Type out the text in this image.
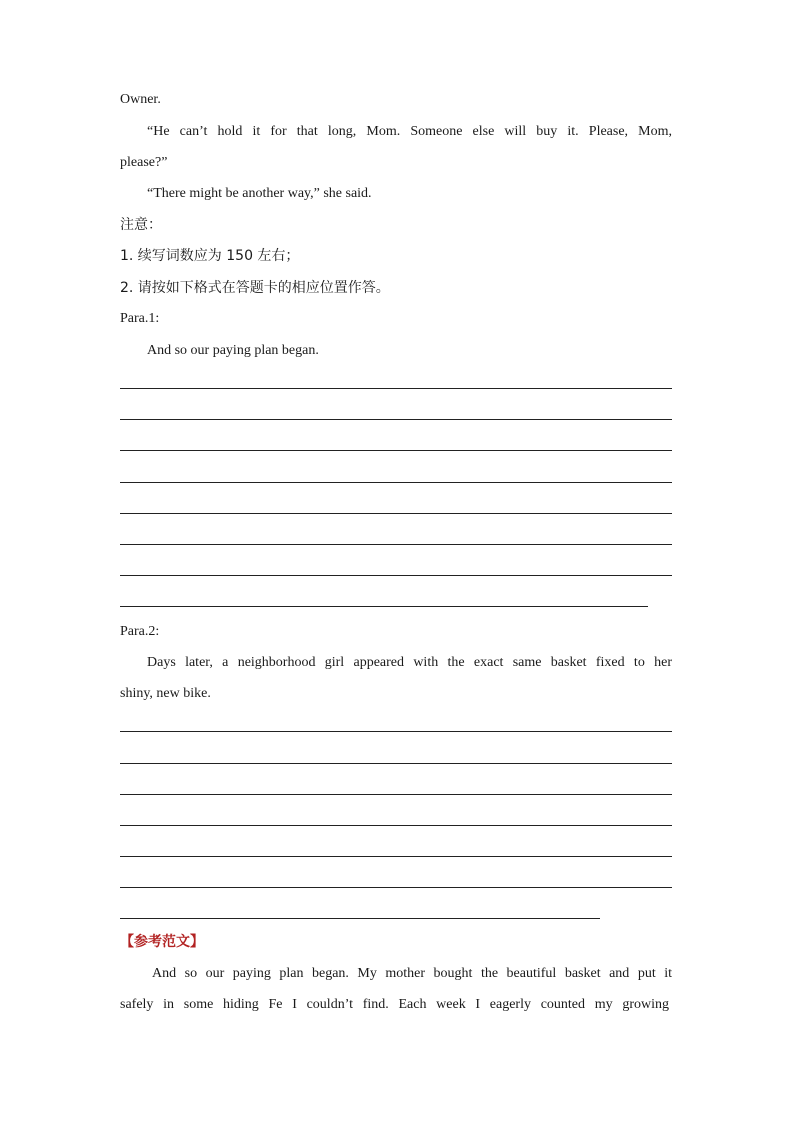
Owner.
“He can’t hold it for that long, Mom. Someone else will buy it. Please, Mom,
please?”
“There might be another way,” she said.
注意：
1. 续写词数应为 150 左右；
2. 请按如下格式在答题卡的相应位置作答。
Para.1:
And so our paying plan began.
Para.2:
Days later, a neighborhood girl appeared with the exact same basket fixed to her
shiny, new bike.
【参考范文】
And so our paying plan began. My mother bought the beautiful basket and put it
safely in some hiding Fe I couldn’t find. Each week I eagerly counted my growing
